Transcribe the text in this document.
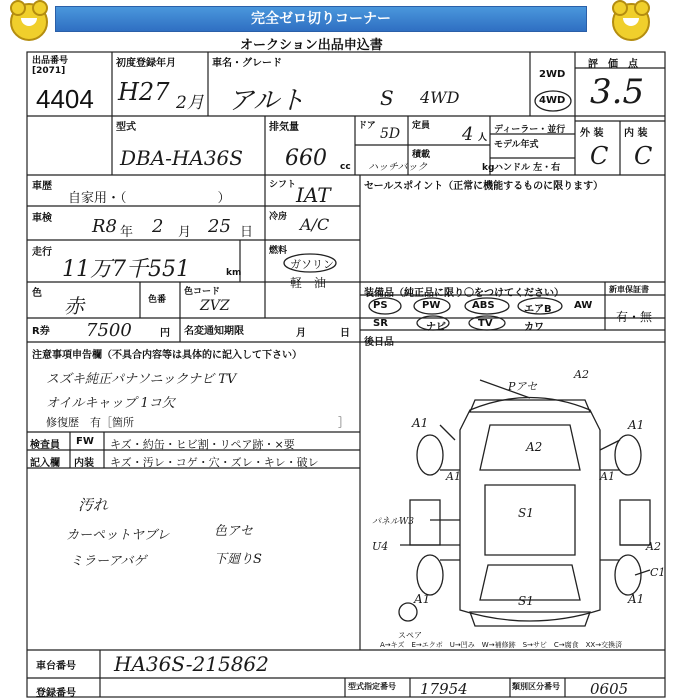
完全ゼロ切りコーナー
オークション出品申込書
出品番号
[2071]
4404
初度登録年月
H27 2月
車名・グレード
アルト	S 4WD
2WD
4WD
評　価　点
3.5
型式
DBA-HA36S
排気量
660 cc
ドア 5D
ハッチバック
定員 4 人
積載
kg
ディーラー・並行
モデル年式
ハンドル 左・右
外 装 内 装
C C
車歴
自家用・（　　　　　　　）
シフト IAT	セールスポイント（正常に機能するものに限ります）
車検 R8 年 2 月 25 日
冷房 A/C
走行
11万7千551	km
燃料
ガソリン
軽　油
色
赤	色番
色コード
ZVZ
装備品（純正品に限り〇をつけてください）	新車保証書
PS	PW	ABS	エアB AW
SR	ナビ	TV	カワ
有・無
後日品
R券 7500	円 名変通知期限	月	日
注意事項申告欄（不具合内容等は具体的に記入して下さい）
スズキ純正パナソニックナビ TV
オイルキャップ 1コ欠
修復歴　有［箇所	］
検査員 FW キズ・約缶・ヒビ割・リペア跡・×要
記入欄 内装 キズ・汚レ・コゲ・穴・ズレ・キレ・破レ
汚れ
カーペットヤブレ
ミラーアバゲ
色アセ
下廻りS
Pアセ
A2
A1	A1
A2
A1	A1
S1
パネルW3
U4	A2
C1
A1	A1
S1
スペア
A→キズ　E→エクボ　U→凹み　W→補修跡　S→サビ　C→腐食　XX→交換済
車台番号 HA36S-215862
登録番号
型式指定番号 17954	類別区分番号 0605
